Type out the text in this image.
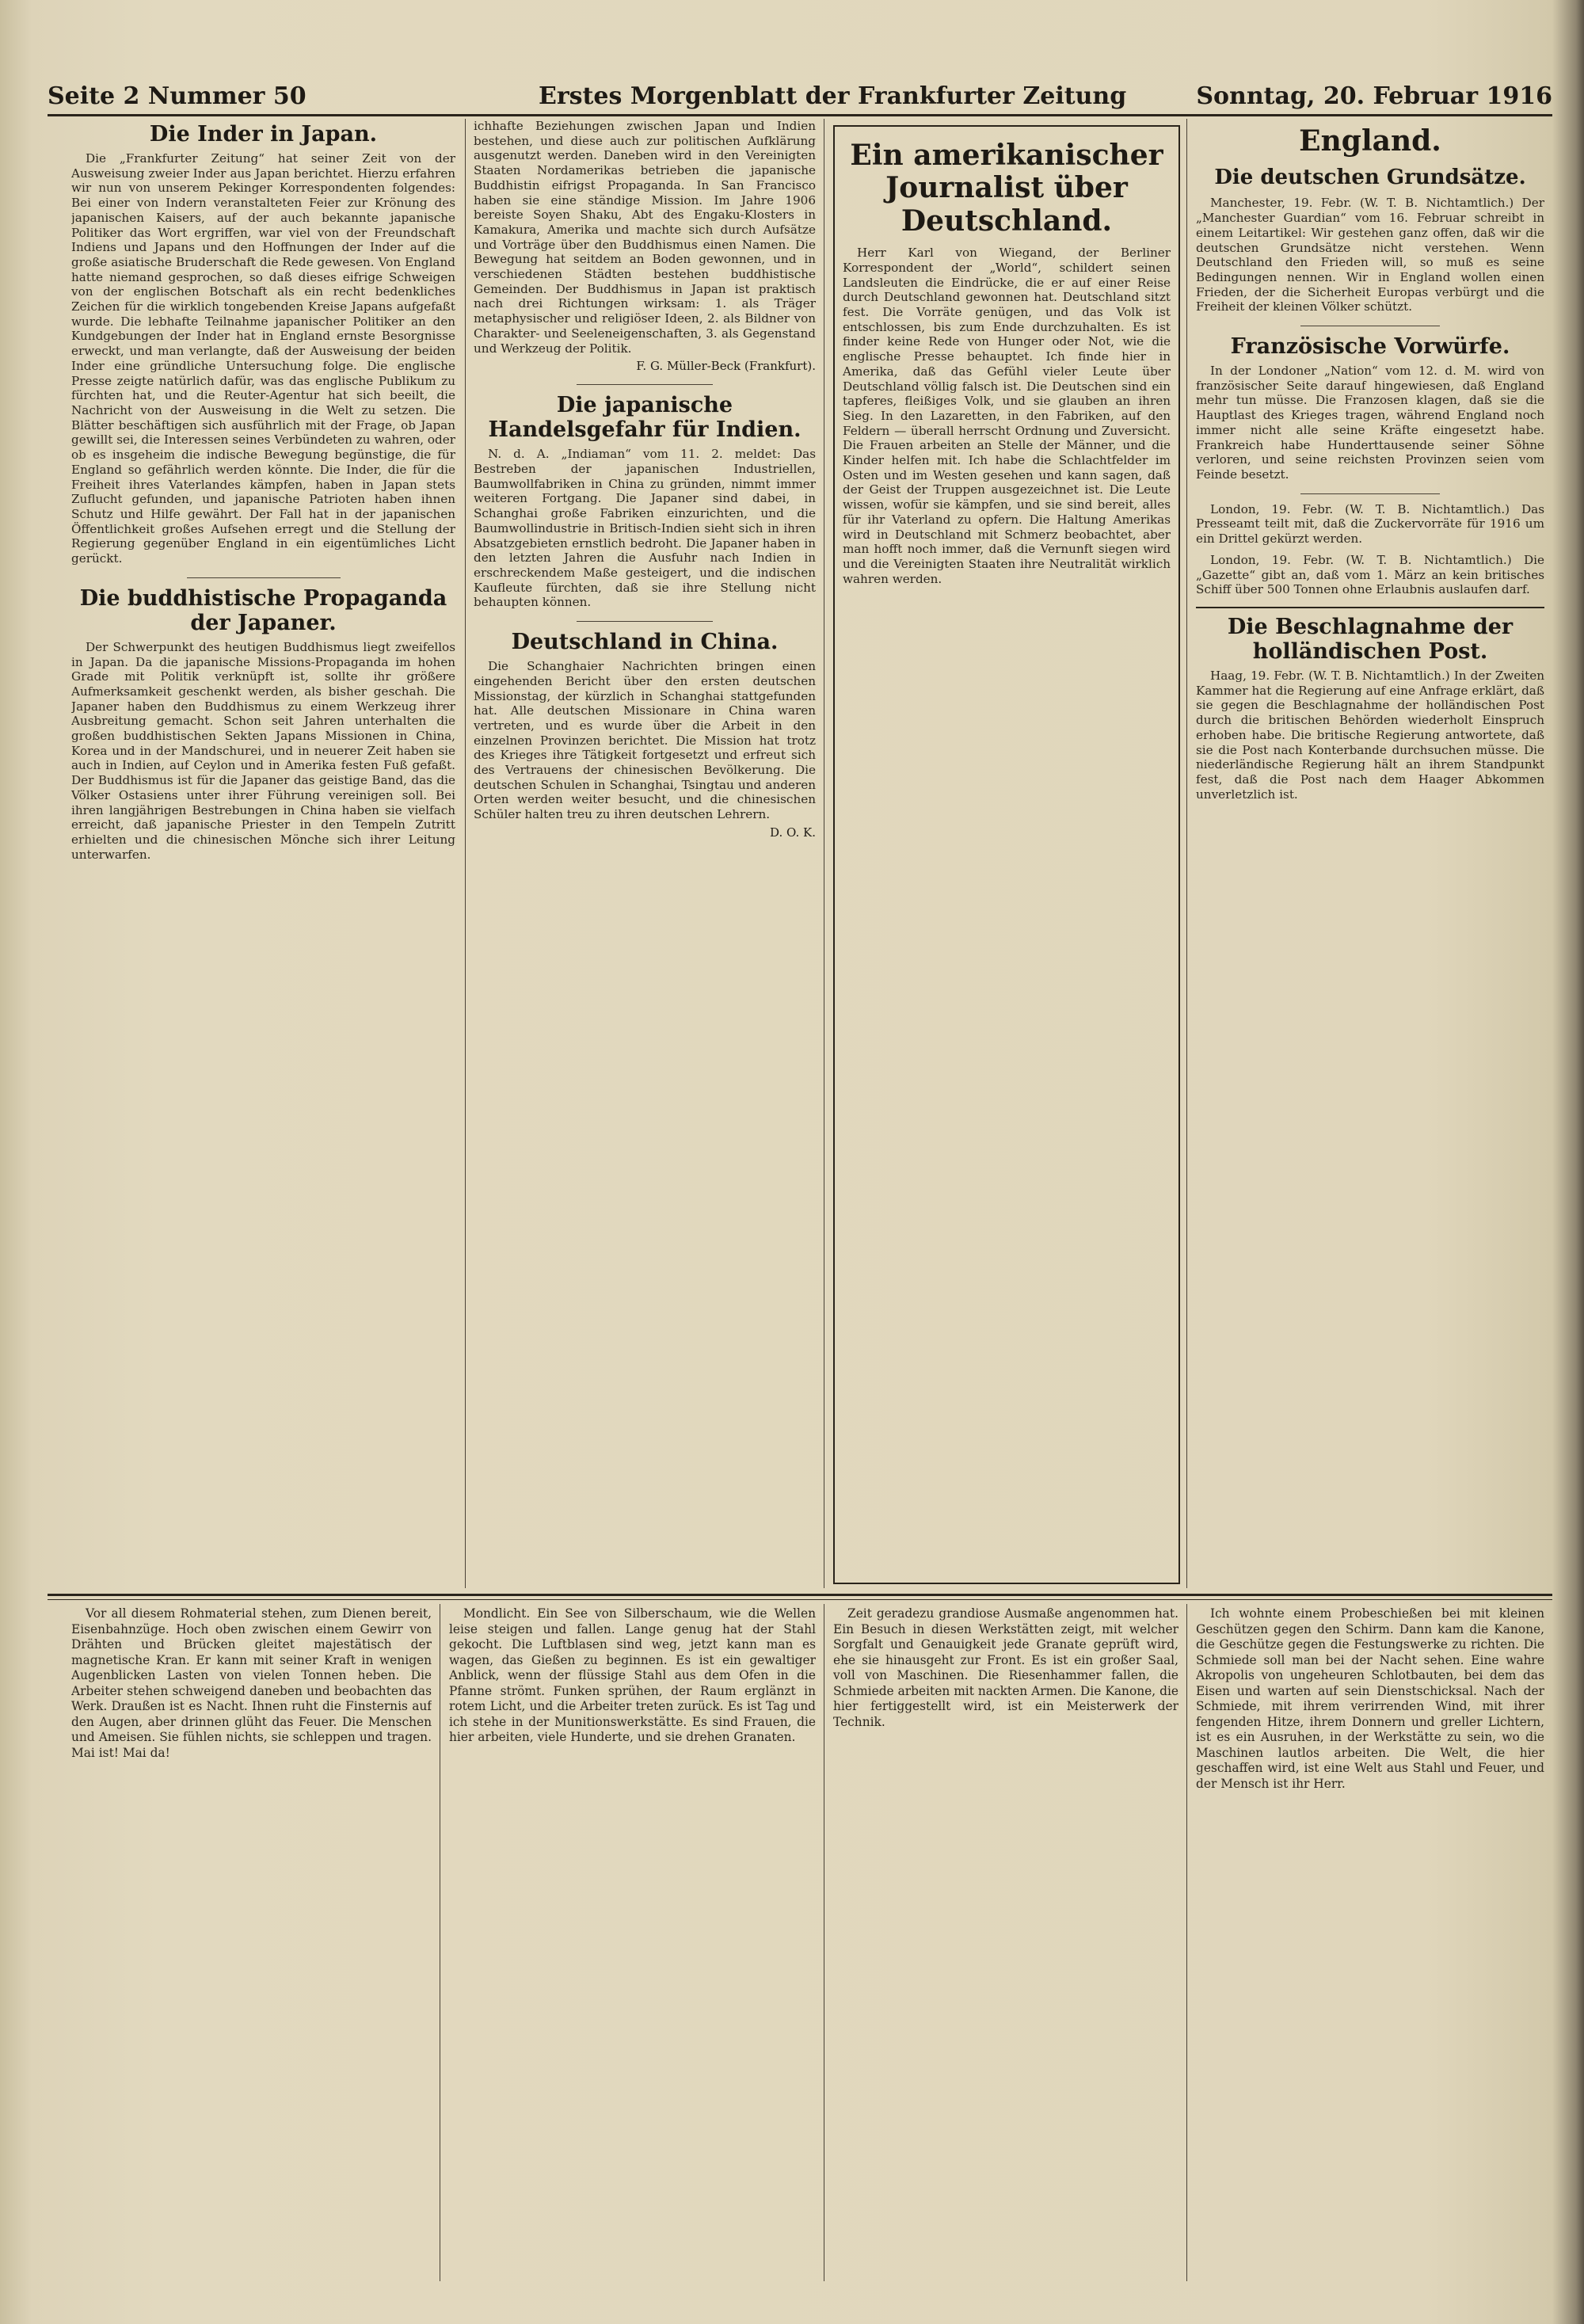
Seite 2 Nummer 50	Erstes Morgenblatt der Frankfurter Zeitung	Sonntag, 20. Februar 1916
Die Inder in Japan.

Die „Frankfurter Zeitung“ hat seiner Zeit von der Ausweisung zweier Inder aus Japan berichtet. Hierzu erfahren wir nun von unserem Pekinger Korrespondenten folgendes: Bei einer von Indern veranstalteten Feier zur Krönung des japanischen Kaisers, auf der auch bekannte japanische Politiker das Wort ergriffen, war viel von der Freundschaft Indiens und Japans und den Hoffnungen der Inder auf die große asiatische Bruderschaft die Rede gewesen. Von England hatte niemand gesprochen, so daß dieses eifrige Schweigen von der englischen Botschaft als ein recht bedenkliches Zeichen für die wirklich tongebenden Kreise Japans aufgefaßt wurde. Die lebhafte Teilnahme japanischer Politiker an den Kundgebungen der Inder hat in England ernste Besorgnisse erweckt, und man verlangte, daß der Ausweisung der beiden Inder eine gründliche Untersuchung folge. Die englische Presse zeigte natürlich dafür, was das englische Publikum zu fürchten hat, und die Reuter-Agentur hat sich beeilt, die Nachricht von der Ausweisung in die Welt zu setzen. Die Blätter beschäftigen sich ausführlich mit der Frage, ob Japan gewillt sei, die Interessen seines Verbündeten zu wahren, oder ob es insgeheim die indische Bewegung begünstige, die für England so gefährlich werden könnte. Die Inder, die für die Freiheit ihres Vaterlandes kämpfen, haben in Japan stets Zuflucht gefunden, und japanische Patrioten haben ihnen Schutz und Hilfe gewährt. Der Fall hat in der japanischen Öffentlichkeit großes Aufsehen erregt und die Stellung der Regierung gegenüber England in ein eigentümliches Licht gerückt.

Die buddhistische Propaganda der Japaner.

Der Schwerpunkt des heutigen Buddhismus liegt zweifellos in Japan. Da die japanische Missions-Propaganda im hohen Grade mit Politik verknüpft ist, sollte ihr größere Aufmerksamkeit geschenkt werden, als bisher geschah. Die Japaner haben den Buddhismus zu einem Werkzeug ihrer Ausbreitung gemacht. Schon seit Jahren unterhalten die großen buddhistischen Sekten Japans Missionen in China, Korea und in der Mandschurei, und in neuerer Zeit haben sie auch in Indien, auf Ceylon und in Amerika festen Fuß gefaßt. Der Buddhismus ist für die Japaner das geistige Band, das die Völker Ostasiens unter ihrer Führung vereinigen soll. Bei ihren langjährigen Bestrebungen in China haben sie vielfach erreicht, daß japanische Priester in den Tempeln Zutritt erhielten und die chinesischen Mönche sich ihrer Leitung unterwarfen.

ichhafte Beziehungen zwischen Japan und Indien bestehen, und diese auch zur politischen Aufklärung ausgenutzt werden. Daneben wird in den Vereinigten Staaten Nordamerikas betrieben die japanische Buddhistin eifrigst Propaganda. In San Francisco haben sie eine ständige Mission. Im Jahre 1906 bereiste Soyen Shaku, Abt des Engaku-Klosters in Kamakura, Amerika und machte sich durch Aufsätze und Vorträge über den Buddhismus einen Namen. Die Bewegung hat seitdem an Boden gewonnen, und in verschiedenen Städten bestehen buddhistische Gemeinden. Der Buddhismus in Japan ist praktisch nach drei Richtungen wirksam: 1. als Träger metaphysischer und religiöser Ideen, 2. als Bildner von Charakter- und Seeleneigenschaften, 3. als Gegenstand und Werkzeug der Politik.

F. G. Müller-Beck (Frankfurt).
Die japanische Handelsgefahr für Indien.

N. d. A. „Indiaman“ vom 11. 2. meldet: Das Bestreben der japanischen Industriellen, Baumwollfabriken in China zu gründen, nimmt immer weiteren Fortgang. Die Japaner sind dabei, in Schanghai große Fabriken einzurichten, und die Baumwollindustrie in Britisch-Indien sieht sich in ihren Absatzgebieten ernstlich bedroht. Die Japaner haben in den letzten Jahren die Ausfuhr nach Indien in erschreckendem Maße gesteigert, und die indischen Kaufleute fürchten, daß sie ihre Stellung nicht behaupten können.

Deutschland in China.

Die Schanghaier Nachrichten bringen einen eingehenden Bericht über den ersten deutschen Missionstag, der kürzlich in Schanghai stattgefunden hat. Alle deutschen Missionare in China waren vertreten, und es wurde über die Arbeit in den einzelnen Provinzen berichtet. Die Mission hat trotz des Krieges ihre Tätigkeit fortgesetzt und erfreut sich des Vertrauens der chinesischen Bevölkerung. Die deutschen Schulen in Schanghai, Tsingtau und anderen Orten werden weiter besucht, und die chinesischen Schüler halten treu zu ihren deutschen Lehrern.

D. O. K.
Ein amerikanischer Journalist über Deutschland.

Herr Karl von Wiegand, der Berliner Korrespondent der „World“, schildert seinen Landsleuten die Eindrücke, die er auf einer Reise durch Deutschland gewonnen hat. Deutschland sitzt fest. Die Vorräte genügen, und das Volk ist entschlossen, bis zum Ende durchzuhalten. Es ist finder keine Rede von Hunger oder Not, wie die englische Presse behauptet. Ich finde hier in Amerika, daß das Gefühl vieler Leute über Deutschland völlig falsch ist. Die Deutschen sind ein tapferes, fleißiges Volk, und sie glauben an ihren Sieg. In den Lazaretten, in den Fabriken, auf den Feldern — überall herrscht Ordnung und Zuversicht. Die Frauen arbeiten an Stelle der Männer, und die Kinder helfen mit. Ich habe die Schlachtfelder im Osten und im Westen gesehen und kann sagen, daß der Geist der Truppen ausgezeichnet ist. Die Leute wissen, wofür sie kämpfen, und sie sind bereit, alles für ihr Vaterland zu opfern. Die Haltung Amerikas wird in Deutschland mit Schmerz beobachtet, aber man hofft noch immer, daß die Vernunft siegen wird und die Vereinigten Staaten ihre Neutralität wirklich wahren werden.

England.
Die deutschen Grundsätze.

Manchester, 19. Febr. (W. T. B. Nichtamtlich.) Der „Manchester Guardian“ vom 16. Februar schreibt in einem Leitartikel: Wir gestehen ganz offen, daß wir die deutschen Grundsätze nicht verstehen. Wenn Deutschland den Frieden will, so muß es seine Bedingungen nennen. Wir in England wollen einen Frieden, der die Sicherheit Europas verbürgt und die Freiheit der kleinen Völker schützt.

Französische Vorwürfe.

In der Londoner „Nation“ vom 12. d. M. wird von französischer Seite darauf hingewiesen, daß England mehr tun müsse. Die Franzosen klagen, daß sie die Hauptlast des Krieges tragen, während England noch immer nicht alle seine Kräfte eingesetzt habe. Frankreich habe Hunderttausende seiner Söhne verloren, und seine reichsten Provinzen seien vom Feinde besetzt.

London, 19. Febr. (W. T. B. Nichtamtlich.) Das Presseamt teilt mit, daß die Zuckervorräte für 1916 um ein Drittel gekürzt werden.

London, 19. Febr. (W. T. B. Nichtamtlich.) Die „Gazette“ gibt an, daß vom 1. März an kein britisches Schiff über 500 Tonnen ohne Erlaubnis auslaufen darf.

Die Beschlagnahme der holländischen Post.

Haag, 19. Febr. (W. T. B. Nichtamtlich.) In der Zweiten Kammer hat die Regierung auf eine Anfrage erklärt, daß sie gegen die Beschlagnahme der holländischen Post durch die britischen Behörden wiederholt Einspruch erhoben habe. Die britische Regierung antwortete, daß sie die Post nach Konterbande durchsuchen müsse. Die niederländische Regierung hält an ihrem Standpunkt fest, daß die Post nach dem Haager Abkommen unverletzlich ist.

Vor all diesem Rohmaterial stehen, zum Dienen bereit, Eisenbahnzüge. Hoch oben zwischen einem Gewirr von Drähten und Brücken gleitet majestätisch der magnetische Kran. Er kann mit seiner Kraft in wenigen Augenblicken Lasten von vielen Tonnen heben. Die Arbeiter stehen schweigend daneben und beobachten das Werk. Draußen ist es Nacht. Ihnen ruht die Finsternis auf den Augen, aber drinnen glüht das Feuer. Die Menschen und Ameisen. Sie fühlen nichts, sie schleppen und tragen. Mai ist! Mai da!

Mondlicht. Ein See von Silberschaum, wie die Wellen leise steigen und fallen. Lange genug hat der Stahl gekocht. Die Luftblasen sind weg, jetzt kann man es wagen, das Gießen zu beginnen. Es ist ein gewaltiger Anblick, wenn der flüssige Stahl aus dem Ofen in die Pfanne strömt. Funken sprühen, der Raum erglänzt in rotem Licht, und die Arbeiter treten zurück. Es ist Tag und ich stehe in der Munitionswerkstätte. Es sind Frauen, die hier arbeiten, viele Hunderte, und sie drehen Granaten.

Zeit geradezu grandiose Ausmaße angenommen hat. Ein Besuch in diesen Werkstätten zeigt, mit welcher Sorgfalt und Genauigkeit jede Granate geprüft wird, ehe sie hinausgeht zur Front. Es ist ein großer Saal, voll von Maschinen. Die Riesenhammer fallen, die Schmiede arbeiten mit nackten Armen. Die Kanone, die hier fertiggestellt wird, ist ein Meisterwerk der Technik.

Ich wohnte einem Probeschießen bei mit kleinen Geschützen gegen den Schirm. Dann kam die Kanone, die Geschütze gegen die Festungswerke zu richten. Die Schmiede soll man bei der Nacht sehen. Eine wahre Akropolis von ungeheuren Schlotbauten, bei dem das Eisen und warten auf sein Dienstschicksal. Nach der Schmiede, mit ihrem verirrenden Wind, mit ihrer fengenden Hitze, ihrem Donnern und greller Lichtern, ist es ein Ausruhen, in der Werkstätte zu sein, wo die Maschinen lautlos arbeiten. Die Welt, die hier geschaffen wird, ist eine Welt aus Stahl und Feuer, und der Mensch ist ihr Herr.
